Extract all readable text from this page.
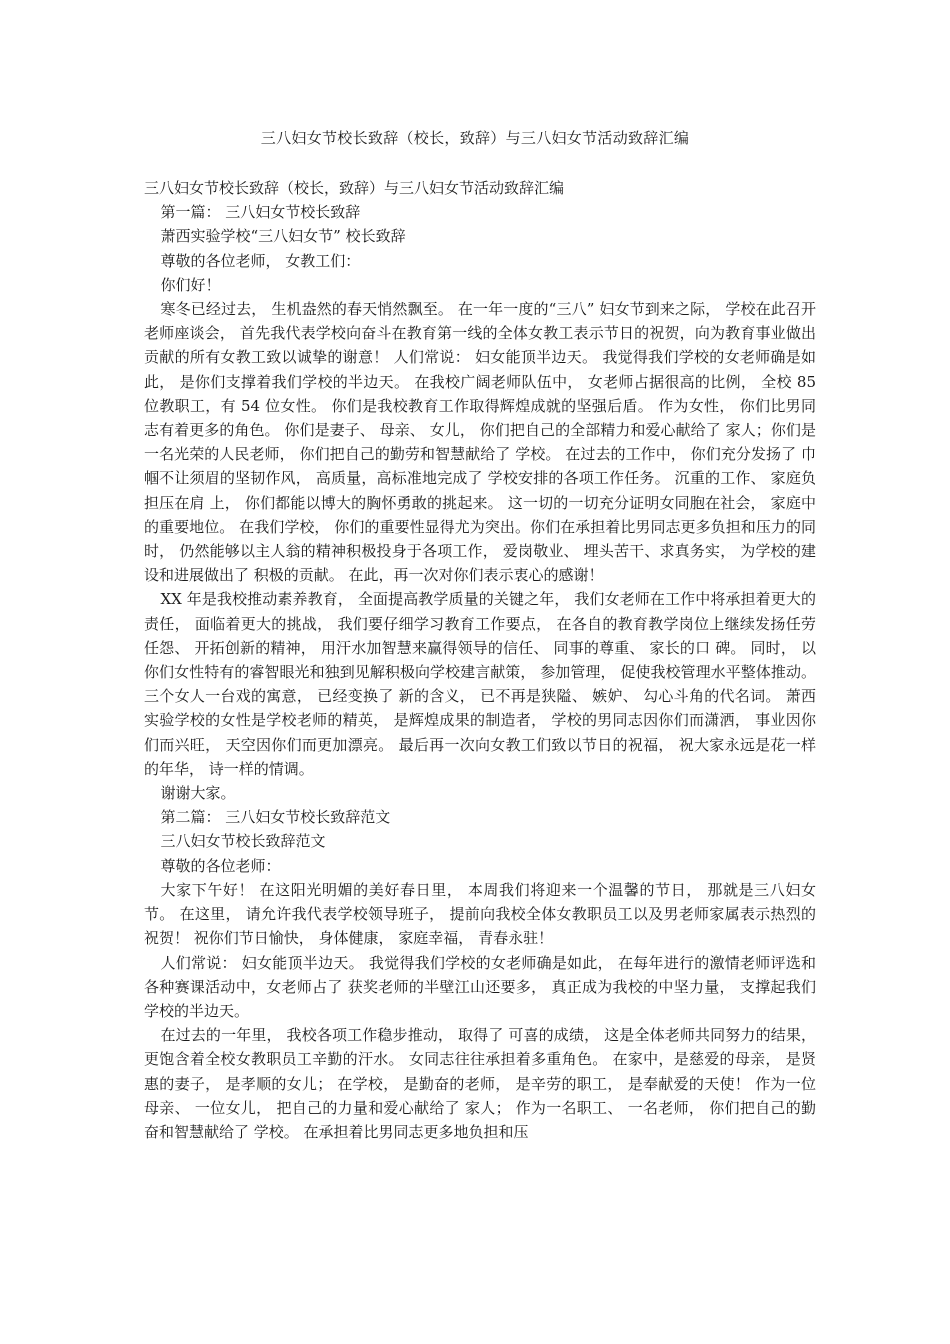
三八妇女节校长致辞（校长，致辞）与三八妇女节活动致辞汇编

三八妇女节校长致辞（校长，致辞）与三八妇女节活动致辞汇编

第一篇： 三八妇女节校长致辞

萧西实验学校“三八妇女节” 校长致辞

尊敬的各位老师， 女教工们：

你们好！

寒冬已经过去， 生机盎然的春天悄然飘至。 在一年一度的“三八” 妇女节到来之际， 学校在此召开老师座谈会， 首先我代表学校向奋斗在教育第一线的全体女教工表示节日的祝贺，向为教育事业做出贡献的所有女教工致以诚挚的谢意！ 人们常说： 妇女能顶半边天。 我觉得我们学校的女老师确是如此， 是你们支撑着我们学校的半边天。 在我校广阔老师队伍中， 女老师占据很高的比例， 全校 85 位教职工，有 54 位女性。 你们是我校教育工作取得辉煌成就的坚强后盾。 作为女性， 你们比男同志有着更多的角色。 你们是妻子、 母亲、 女儿， 你们把自己的全部精力和爱心献给了 家人；你们是一名光荣的人民老师， 你们把自己的勤劳和智慧献给了 学校。 在过去的工作中， 你们充分发扬了 巾帼不让须眉的坚韧作风， 高质量，高标准地完成了 学校安排的各项工作任务。 沉重的工作、 家庭负担压在肩 上， 你们都能以博大的胸怀勇敢的挑起来。 这一切的一切充分证明女同胞在社会， 家庭中的重要地位。 在我们学校， 你们的重要性显得尤为突出。你们在承担着比男同志更多负担和压力的同时， 仍然能够以主人翁的精神积极投身于各项工作， 爱岗敬业、 埋头苦干、求真务实， 为学校的建设和进展做出了 积极的贡献。 在此，再一次对你们表示衷心的感谢！

XX 年是我校推动素养教育， 全面提高教学质量的关键之年， 我们女老师在工作中将承担着更大的责任， 面临着更大的挑战， 我们要仔细学习教育工作要点， 在各自的教育教学岗位上继续发扬任劳任怨、 开拓创新的精神， 用汗水加智慧来赢得领导的信任、 同事的尊重、 家长的口 碑。 同时， 以你们女性特有的睿智眼光和独到见解积极向学校建言献策， 参加管理， 促使我校管理水平整体推动。 三个女人一台戏的寓意， 已经变换了 新的含义， 已不再是狭隘、 嫉妒、 勾心斗角的代名词。 萧西实验学校的女性是学校老师的精英， 是辉煌成果的制造者， 学校的男同志因你们而潇洒， 事业因你们而兴旺， 天空因你们而更加漂亮。 最后再一次向女教工们致以节日的祝福， 祝大家永远是花一样的年华， 诗一样的情调。

谢谢大家。

第二篇： 三八妇女节校长致辞范文

三八妇女节校长致辞范文

尊敬的各位老师：

大家下午好！ 在这阳光明媚的美好春日里， 本周我们将迎来一个温馨的节日， 那就是三八妇女节。 在这里， 请允许我代表学校领导班子， 提前向我校全体女教职员工以及男老师家属表示热烈的祝贺！ 祝你们节日愉快， 身体健康， 家庭幸福， 青春永驻！

人们常说： 妇女能顶半边天。 我觉得我们学校的女老师确是如此， 在每年进行的激情老师评选和各种赛课活动中，女老师占了 获奖老师的半壁江山还要多， 真正成为我校的中坚力量， 支撑起我们学校的半边天。

在过去的一年里， 我校各项工作稳步推动， 取得了 可喜的成绩， 这是全体老师共同努力的结果， 更饱含着全校女教职员工辛勤的汗水。 女同志往往承担着多重角色。 在家中，是慈爱的母亲， 是贤惠的妻子， 是孝顺的女儿； 在学校， 是勤奋的老师， 是辛劳的职工， 是奉献爱的天使！ 作为一位母亲、 一位女儿， 把自己的力量和爱心献给了 家人； 作为一名职工、 一名老师， 你们把自己的勤奋和智慧献给了 学校。 在承担着比男同志更多地负担和压
